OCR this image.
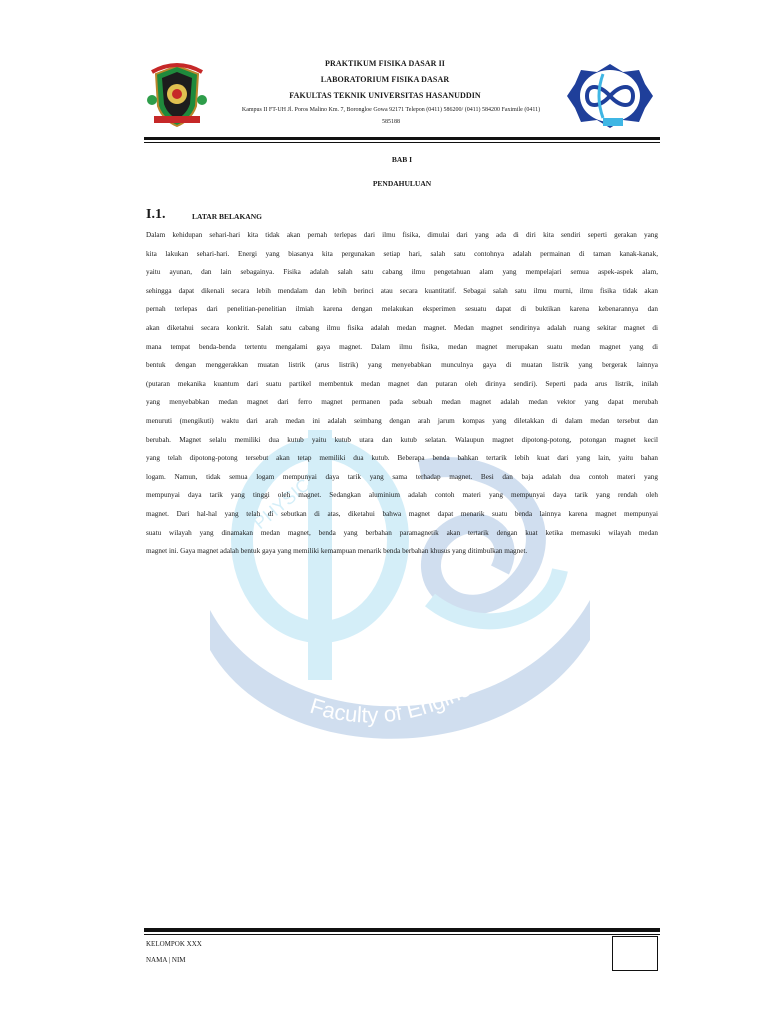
Faculty of Engineering
PHYSICS
PRAKTIKUM FISIKA DASAR II
LABORATORIUM FISIKA DASAR
FAKULTAS TEKNIK UNIVERSITAS HASANUDDIN
Kampus II FT-UH Jl. Poros Malino Km. 7, Borongloe Gowa 92171 Telepon (0411) 586200/ (0411) 584200 Faximile (0411)
585188
BAB I
PENDAHULUAN
I.1.	LATAR BELAKANG
Dalam kehidupan sehari-hari kita tidak akan pernah terlepas dari ilmu fisika, dimulai dari yang ada di diri kita sendiri seperti gerakan yang
kita lakukan sehari-hari. Energi yang biasanya kita pergunakan setiap hari, salah satu contohnya adalah permainan di taman kanak-kanak,
yaitu ayunan, dan lain sebagainya. Fisika adalah salah satu cabang ilmu pengetahuan alam yang mempelajari semua aspek-aspek alam,
sehingga dapat dikenali secara lebih mendalam dan lebih berinci atau secara kuantitatif. Sebagai salah satu ilmu murni, ilmu fisika tidak akan
pernah terlepas dari penelitian-penelitian ilmiah karena dengan melakukan eksperimen sesuatu dapat di buktikan karena kebenarannya dan
akan diketahui secara konkrit. Salah satu cabang ilmu fisika adalah medan magnet. Medan magnet sendirinya adalah ruang sekitar magnet di
mana tempat benda-benda tertentu mengalami gaya magnet. Dalam ilmu fisika, medan magnet merupakan suatu medan magnet yang di
bentuk dengan menggerakkan muatan listrik (arus listrik) yang menyebabkan munculnya gaya di muatan listrik yang bergerak lainnya
(putaran mekanika kuantum dari suatu partikel membentuk medan magnet dan putaran oleh dirinya sendiri). Seperti pada arus listrik, inilah
yang menyebabkan medan magnet dari ferro magnet permanen pada sebuah medan magnet adalah medan vektor yang dapat merubah
menuruti (mengikuti) waktu dari arah medan ini adalah seimbang dengan arah jarum kompas yang diletakkan di dalam medan tersebut dan
berubah. Magnet selalu memiliki dua kutub yaitu kutub utara dan kutub selatan. Walaupun magnet dipotong-potong, potongan magnet kecil
yang telah dipotong-potong tersebut akan tetap memiliki dua kutub. Beberapa benda bahkan tertarik lebih kuat dari yang lain, yaitu bahan
logam. Namun, tidak semua logam mempunyai daya tarik yang sama terhadap magnet. Besi dan baja adalah dua contoh materi yang
mempunyai daya tarik yang tinggi oleh magnet. Sedangkan aluminium adalah contoh materi yang mempunyai daya tarik yang rendah oleh
magnet. Dari hal-hal yang telah di sebutkan di atas, diketahui bahwa magnet dapat menarik suatu benda lainnya karena magnet mempunyai
suatu wilayah yang dinamakan medan magnet, benda yang berbahan paramagnetik akan tertarik dengan kuat ketika memasuki wilayah medan
magnet ini. Gaya magnet adalah bentuk gaya yang memiliki kemampuan menarik benda berbahan khusus yang ditimbulkan magnet.
KELOMPOK XXX
NAMA | NIM
